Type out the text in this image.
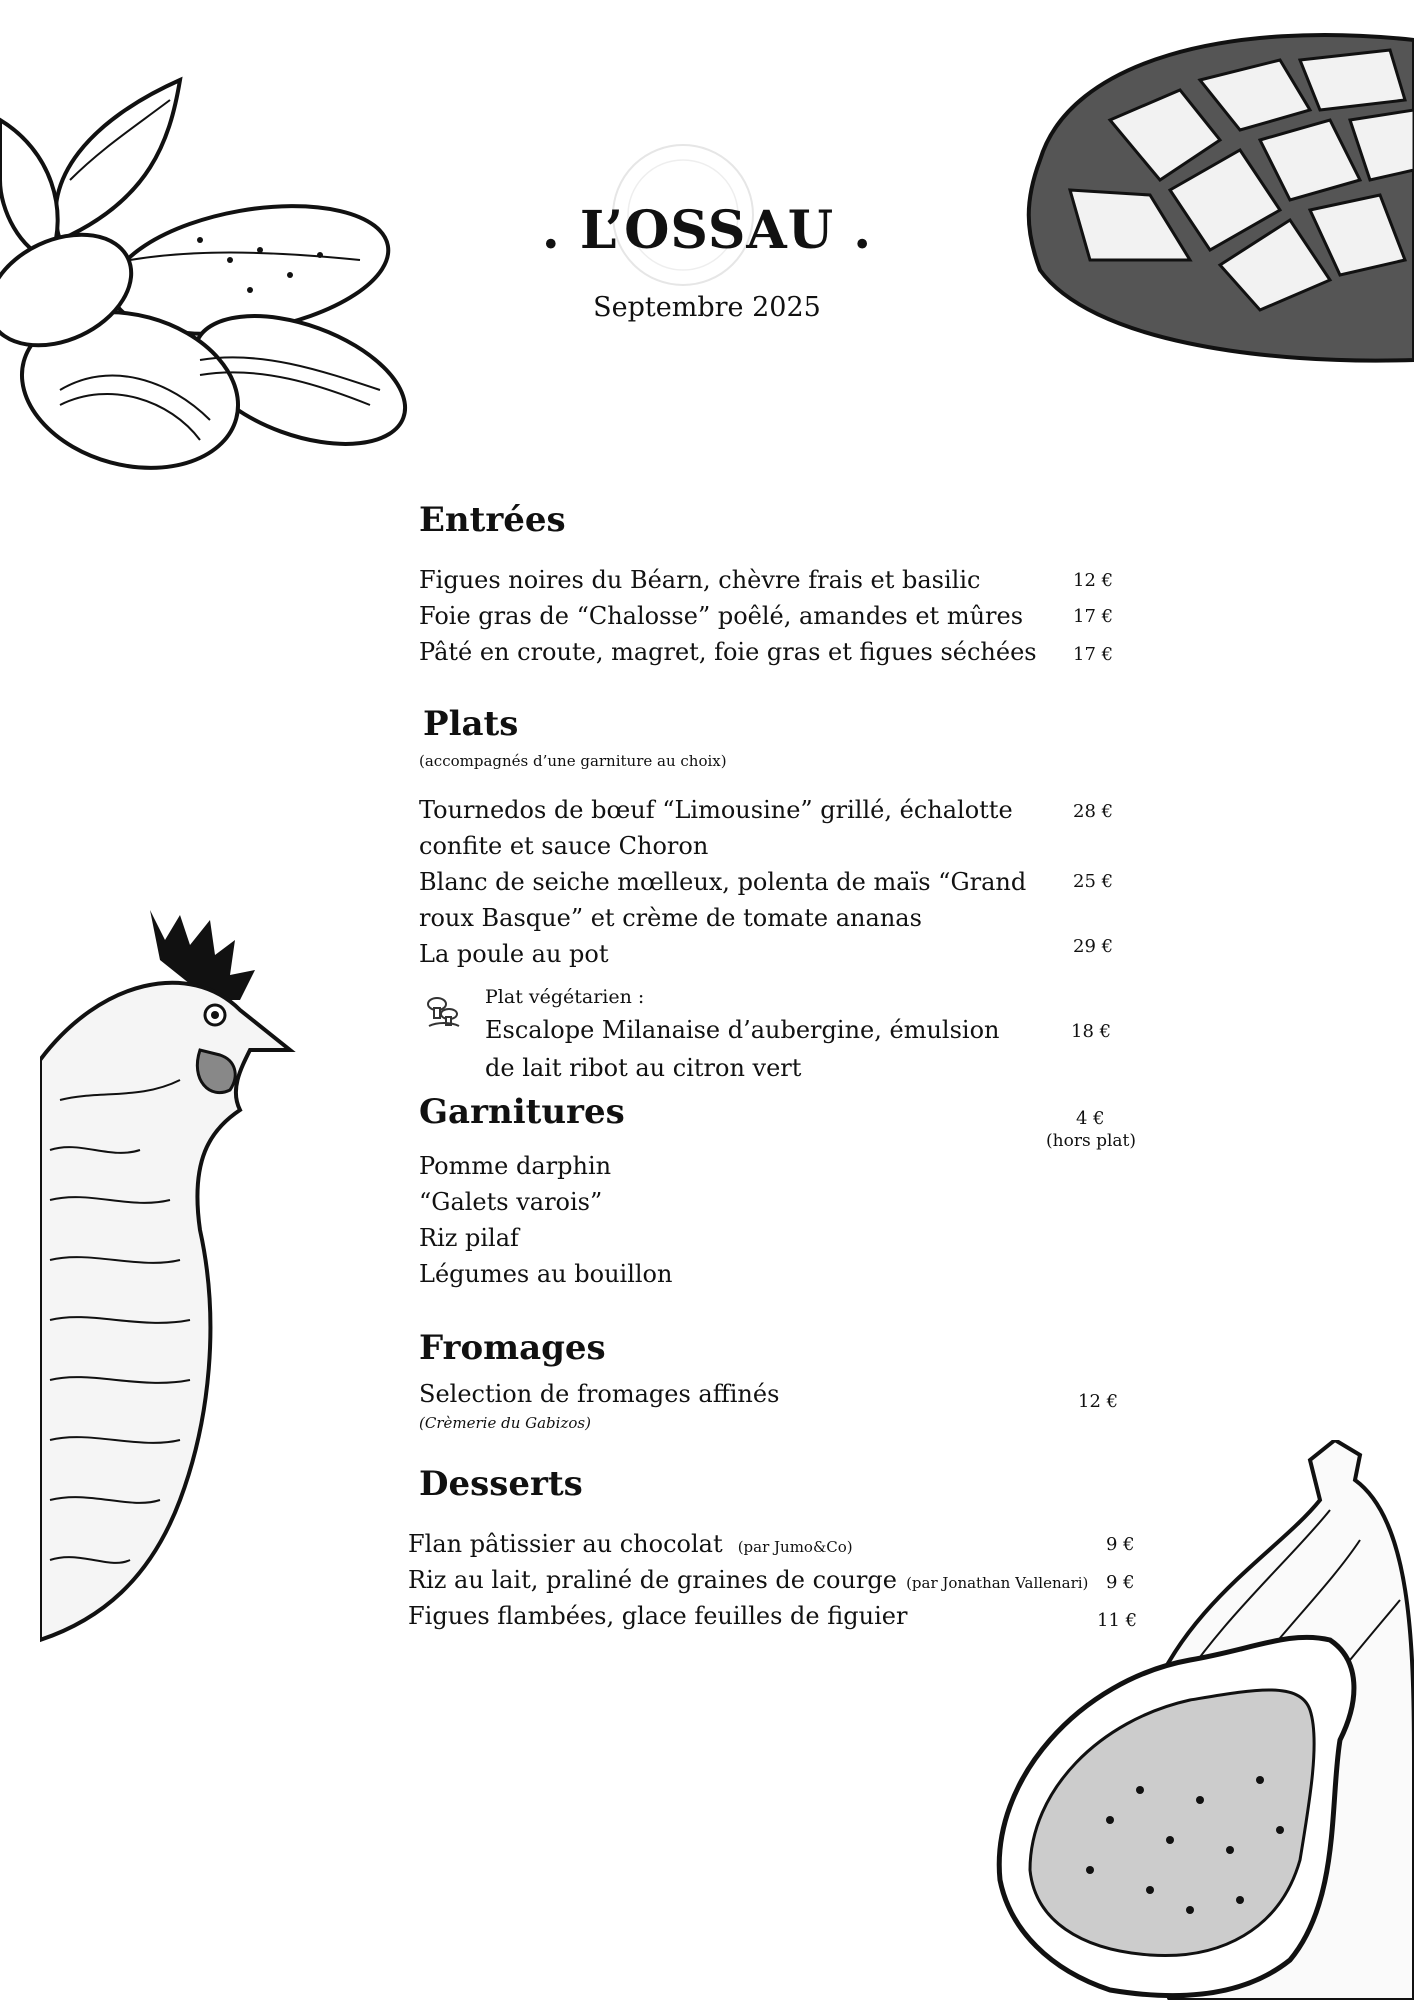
. L’OSSAU .
Septembre 2025
Entrées
Figues noires du Béarn, chèvre frais et basilic	12 €
Foie gras de “Chalosse” poêlé, amandes et mûres	17 €
Pâté en croute, magret, foie gras et figues séchées 17 €
Plats
(accompagnés d’une garniture au choix)
Tournedos de bœuf “Limousine” grillé, échalotte
confite et sauce Choron
28 €
Blanc de seiche mœlleux, polenta de maïs “Grand
roux Basque” et crème de tomate ananas
25 €
La poule au pot	29 €
Plat végétarien :
Escalope Milanaise d’aubergine, émulsion
de lait ribot au citron vert
18 €
Garnitures	4 €
(hors plat)
Pomme darphin
“Galets varois”
Riz pilaf
Légumes au bouillon
Fromages
Selection de fromages affinés
(Crèmerie du Gabizos)
12 €
Desserts
Flan pâtissier au chocolat (par Jumo&Co)	9 €
Riz au lait, praliné de graines de courge (par Jonathan Vallenari) 9 €
Figues flambées, glace feuilles de figuier	11 €
